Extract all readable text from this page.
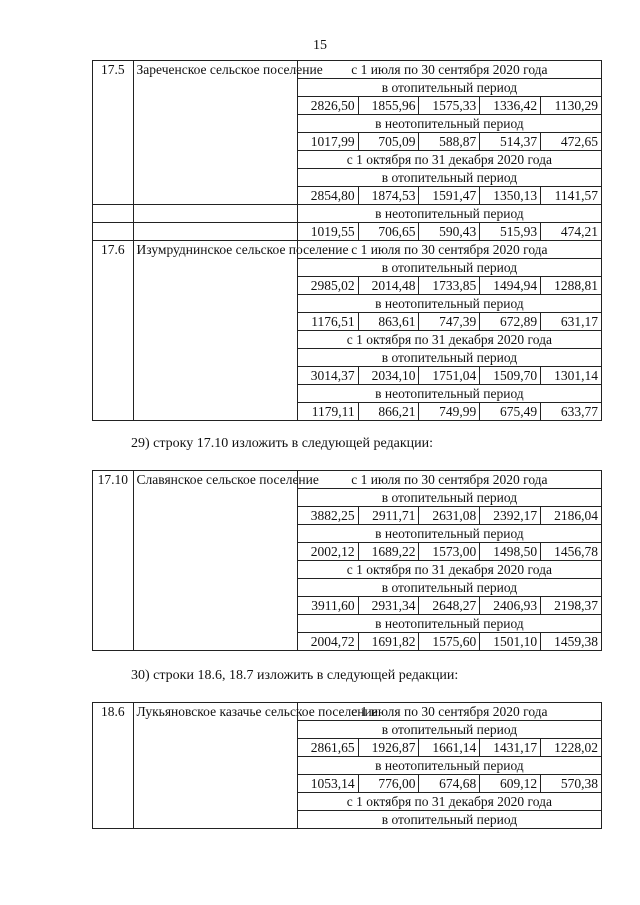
15
17.5	Зареченское сельское поселение	с 1 июля по 30 сентября 2020 года				
		в отопительный период				
		2826,50	1855,96	1575,33	1336,42	1130,29
		в неотопительный период				
		1017,99	705,09	588,87	514,37	472,65
		с 1 октября по 31 декабря 2020 года				
		в отопительный период				
		2854,80	1874,53	1591,47	1350,13	1141,57
		в неотопительный период				
		1019,55	706,65	590,43	515,93	474,21
17.6	Изумруднинское сельское поселение	с 1 июля по 30 сентября 2020 года				
		в отопительный период				
		2985,02	2014,48	1733,85	1494,94	1288,81
		в неотопительный период				
		1176,51	863,61	747,39	672,89	631,17
		с 1 октября по 31 декабря 2020 года				
		в отопительный период				
		3014,37	2034,10	1751,04	1509,70	1301,14
		в неотопительный период				
		1179,11	866,21	749,99	675,49	633,77
29) строку 17.10 изложить в следующей редакции:
17.10	Славянское сельское поселение	с 1 июля по 30 сентября 2020 года				
		в отопительный период				
		3882,25	2911,71	2631,08	2392,17	2186,04
		в неотопительный период				
		2002,12	1689,22	1573,00	1498,50	1456,78
		с 1 октября по 31 декабря 2020 года				
		в отопительный период				
		3911,60	2931,34	2648,27	2406,93	2198,37
		в неотопительный период				
		2004,72	1691,82	1575,60	1501,10	1459,38
30) строки 18.6, 18.7 изложить в следующей редакции:
18.6	Лукьяновское казачье сельское поселение	с 1 июля по 30 сентября 2020 года				
		в отопительный период				
		2861,65	1926,87	1661,14	1431,17	1228,02
		в неотопительный период				
		1053,14	776,00	674,68	609,12	570,38
		с 1 октября по 31 декабря 2020 года				
		в отопительный период				
